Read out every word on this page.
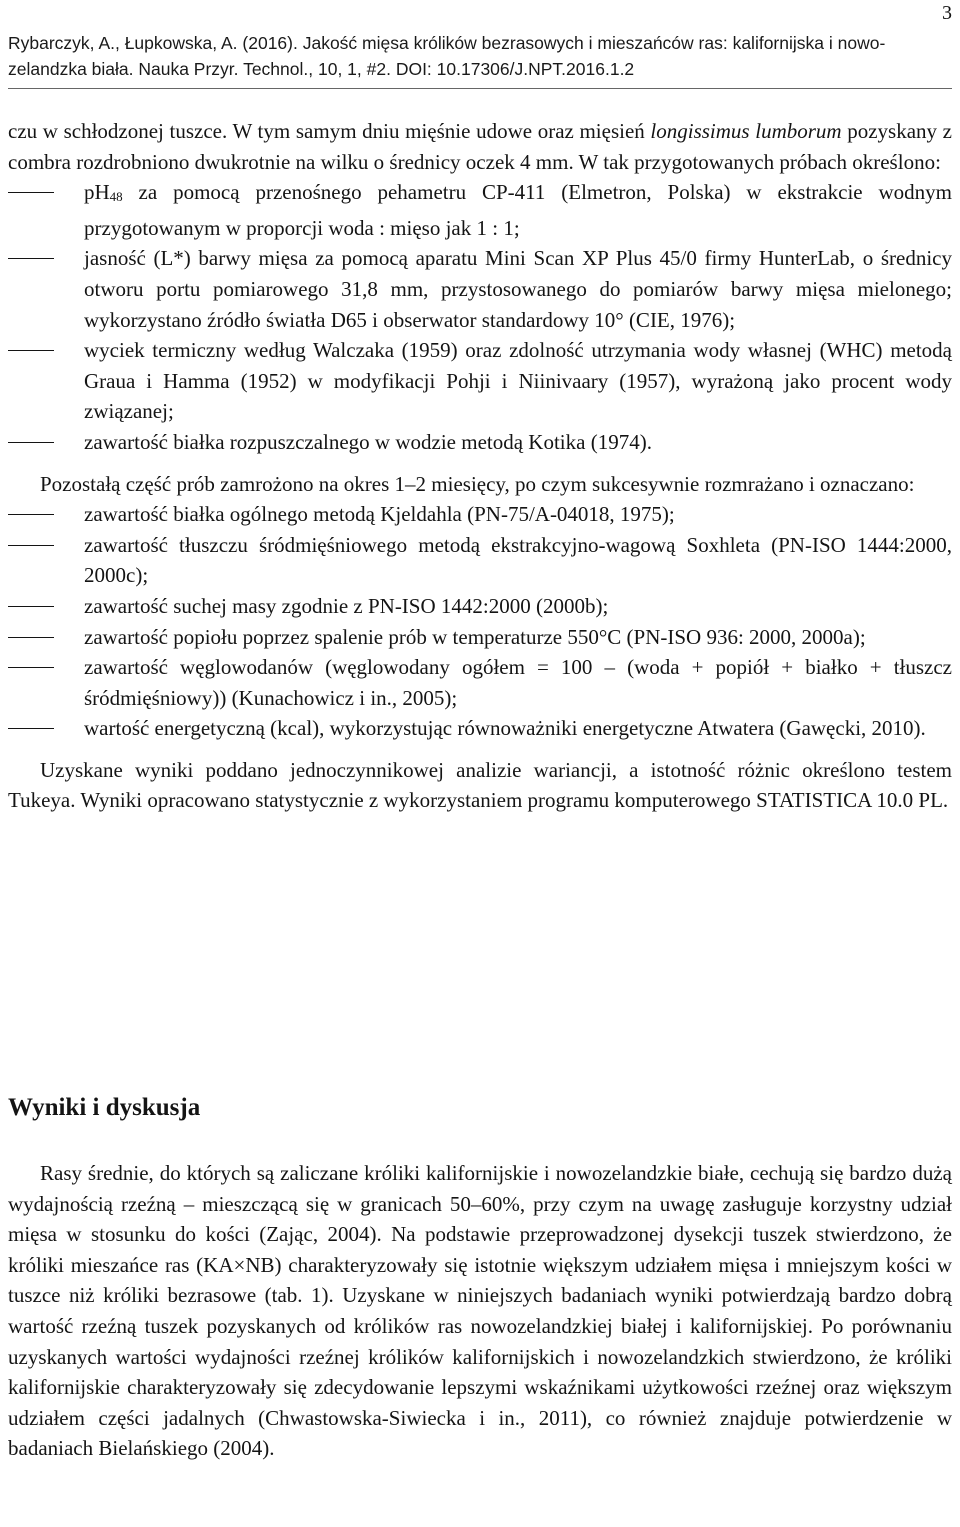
3
Rybarczyk, A., Łupkowska, A. (2016). Jakość mięsa królików bezrasowych i mieszańców ras: kalifornijska i nowo-
zelandzka biała. Nauka Przyr. Technol., 10, 1, #2. DOI: 10.17306/J.NPT.2016.1.2

czu w schłodzonej tuszce. W tym samym dniu mięśnie udowe oraz mięsień longissimus lumborum pozyskany z combra rozdrobniono dwukrotnie na wilku o średnicy oczek 4 mm. W tak przygotowanych próbach określono:

$pH_{48}$ za pomocą przenośnego pehametru CP-411 (Elmetron, Polska) w ekstrakcie wodnym przygotowanym w proporcji woda : mięso jak 1 : 1;
jasność (L*) barwy mięsa za pomocą aparatu Mini Scan XP Plus 45/0 firmy HunterLab, o średnicy otworu portu pomiarowego 31,8 mm, przystosowanego do pomiarów barwy mięsa mielonego; wykorzystano źródło światła D65 i obserwator standardowy 10° (CIE, 1976);
wyciek termiczny według Walczaka (1959) oraz zdolność utrzymania wody własnej (WHC) metodą Graua i Hamma (1952) w modyfikacji Pohji i Niinivaary (1957), wyrażoną jako procent wody związanej;
zawartość białka rozpuszczalnego w wodzie metodą Kotika (1974).

Pozostałą część prób zamrożono na okres 1–2 miesięcy, po czym sukcesywnie rozmrażano i oznaczano:

zawartość białka ogólnego metodą Kjeldahla (PN-75/A-04018, 1975);
zawartość tłuszczu śródmięśniowego metodą ekstrakcyjno-wagową Soxhleta (PN-ISO 1444:2000, 2000c);
zawartość suchej masy zgodnie z PN-ISO 1442:2000 (2000b);
zawartość popiołu poprzez spalenie prób w temperaturze 550°C (PN-ISO 936: 2000, 2000a);
zawartość węglowodanów (węglowodany ogółem = 100 – (woda + popiół + białko + tłuszcz śródmięśniowy)) (Kunachowicz i in., 2005);
wartość energetyczną (kcal), wykorzystując równoważniki energetyczne Atwatera (Gawęcki, 2010).

Uzyskane wyniki poddano jednoczynnikowej analizie wariancji, a istotność różnic określono testem Tukeya. Wyniki opracowano statystycznie z wykorzystaniem programu komputerowego STATISTICA 10.0 PL.

Wyniki i dyskusja

Rasy średnie, do których są zaliczane króliki kalifornijskie i nowozelandzkie białe, cechują się bardzo dużą wydajnością rzeźną – mieszczącą się w granicach 50–60%, przy czym na uwagę zasługuje korzystny udział mięsa w stosunku do kości (Zając, 2004). Na podstawie przeprowadzonej dysekcji tuszek stwierdzono, że króliki mieszańce ras (KA×NB) charakteryzowały się istotnie większym udziałem mięsa i mniejszym kości w tuszce niż króliki bezrasowe (tab. 1). Uzyskane w niniejszych badaniach wyniki potwierdzają bardzo dobrą wartość rzeźną tuszek pozyskanych od królików ras nowozelandzkiej białej i kalifornijskiej. Po porównaniu uzyskanych wartości wydajności rzeźnej królików kalifornijskich i nowozelandzkich stwierdzono, że króliki kalifornijskie charakteryzowały się zdecydowanie lepszymi wskaźnikami użytkowości rzeźnej oraz większym udziałem części jadalnych (Chwastowska-Siwiecka i in., 2011), co również znajduje potwierdzenie w badaniach Bielańskiego (2004).
